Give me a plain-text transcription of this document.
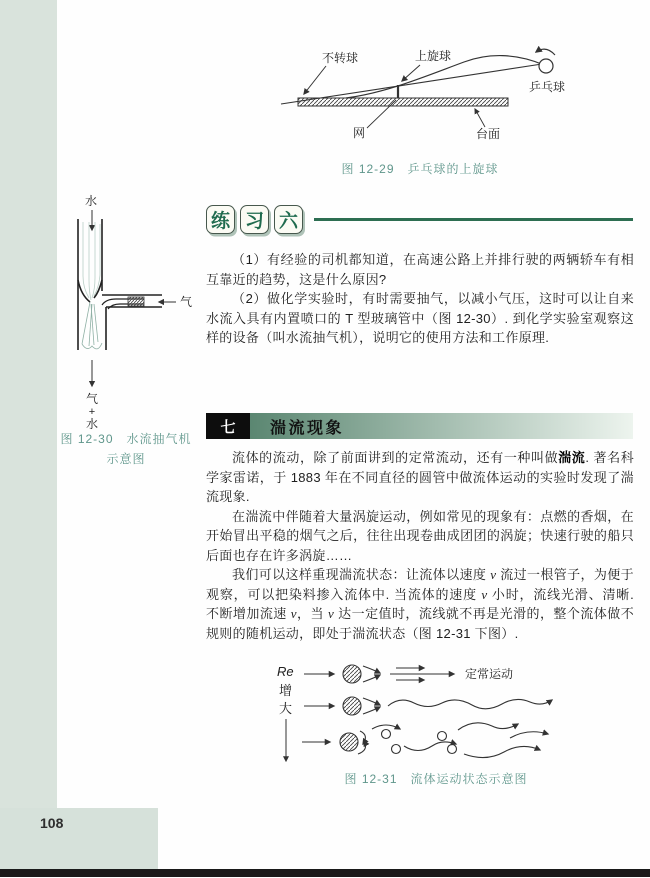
108
不转球	上旋球
乒乓球
网	台面
图 12-29　乒乓球的上旋球
水
气
气
+
水
图 12-30　水流抽气机
示意图
练 习 六

（1）有经验的司机都知道，在高速公路上并排行驶的两辆轿车有相互靠近的趋势，这是什么原因?

（2）做化学实验时，有时需要抽气，以减小气压，这时可以让自来水流入具有内置喷口的 T 型玻璃管中（图 12-30）. 到化学实验室观察这样的设备（叫水流抽气机），说明它的使用方法和工作原理.

七	湍流现象

流体的流动，除了前面讲到的定常流动，还有一种叫做湍流. 著名科学家雷诺，于 1883 年在不同直径的圆管中做流体运动的实验时发现了湍流现象.

在湍流中伴随着大量涡旋运动，例如常见的现象有：点燃的香烟，在开始冒出平稳的烟气之后，往往出现卷曲成团团的涡旋；快速行驶的船只后面也存在许多涡旋……

我们可以这样重现湍流状态：让流体以速度 v 流过一根管子，为便于观察，可以把染料掺入流体中. 当流体的速度 v 小时，流线光滑、清晰. 不断增加流速 v，当 v 达一定值时，流线就不再是光滑的，整个流体做不规则的随机运动，即处于湍流状态（图 12-31 下图）.

Re
增
大
定常运动
图 12-31　流体运动状态示意图
